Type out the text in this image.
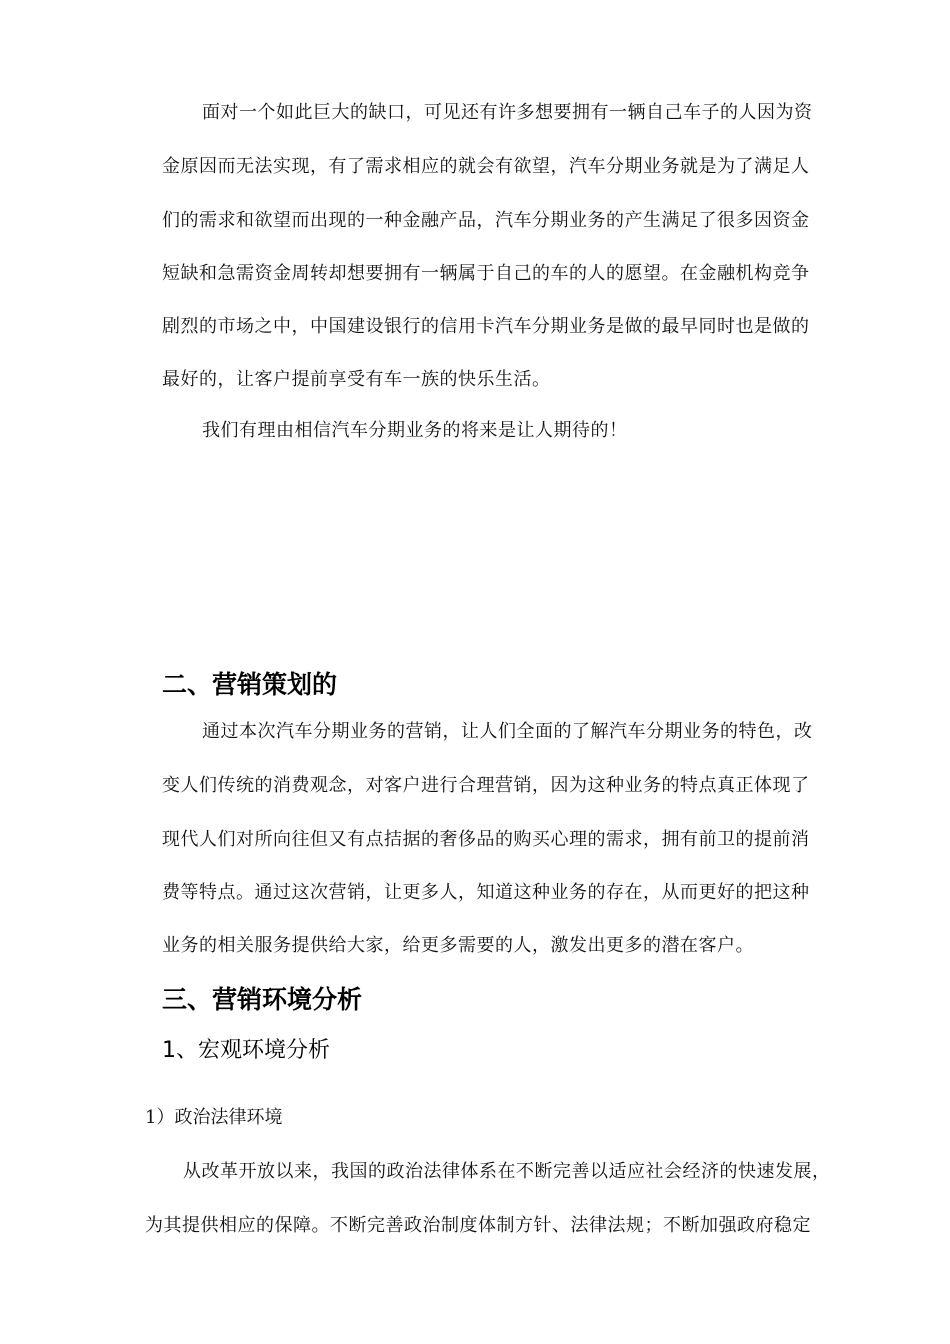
面对一个如此巨大的缺口，可见还有许多想要拥有一辆自己车子的人因为资
金原因而无法实现，有了需求相应的就会有欲望，汽车分期业务就是为了满足人
们的需求和欲望而出现的一种金融产品，汽车分期业务的产生满足了很多因资金
短缺和急需资金周转却想要拥有一辆属于自己的车的人的愿望。在金融机构竞争
剧烈的市场之中，中国建设银行的信用卡汽车分期业务是做的最早同时也是做的
最好的，让客户提前享受有车一族的快乐生活。
我们有理由相信汽车分期业务的将来是让人期待的！
二、营销策划的
通过本次汽车分期业务的营销，让人们全面的了解汽车分期业务的特色，改
变人们传统的消费观念，对客户进行合理营销，因为这种业务的特点真正体现了
现代人们对所向往但又有点拮据的奢侈品的购买心理的需求，拥有前卫的提前消
费等特点。通过这次营销，让更多人，知道这种业务的存在，从而更好的把这种
业务的相关服务提供给大家，给更多需要的人，激发出更多的潜在客户。
三、营销环境分析
1、宏观环境分析
1）政治法律环境
从改革开放以来，我国的政治法律体系在不断完善以适应社会经济的快速发展，
为其提供相应的保障。不断完善政治制度体制方针、法律法规；不断加强政府稳定
